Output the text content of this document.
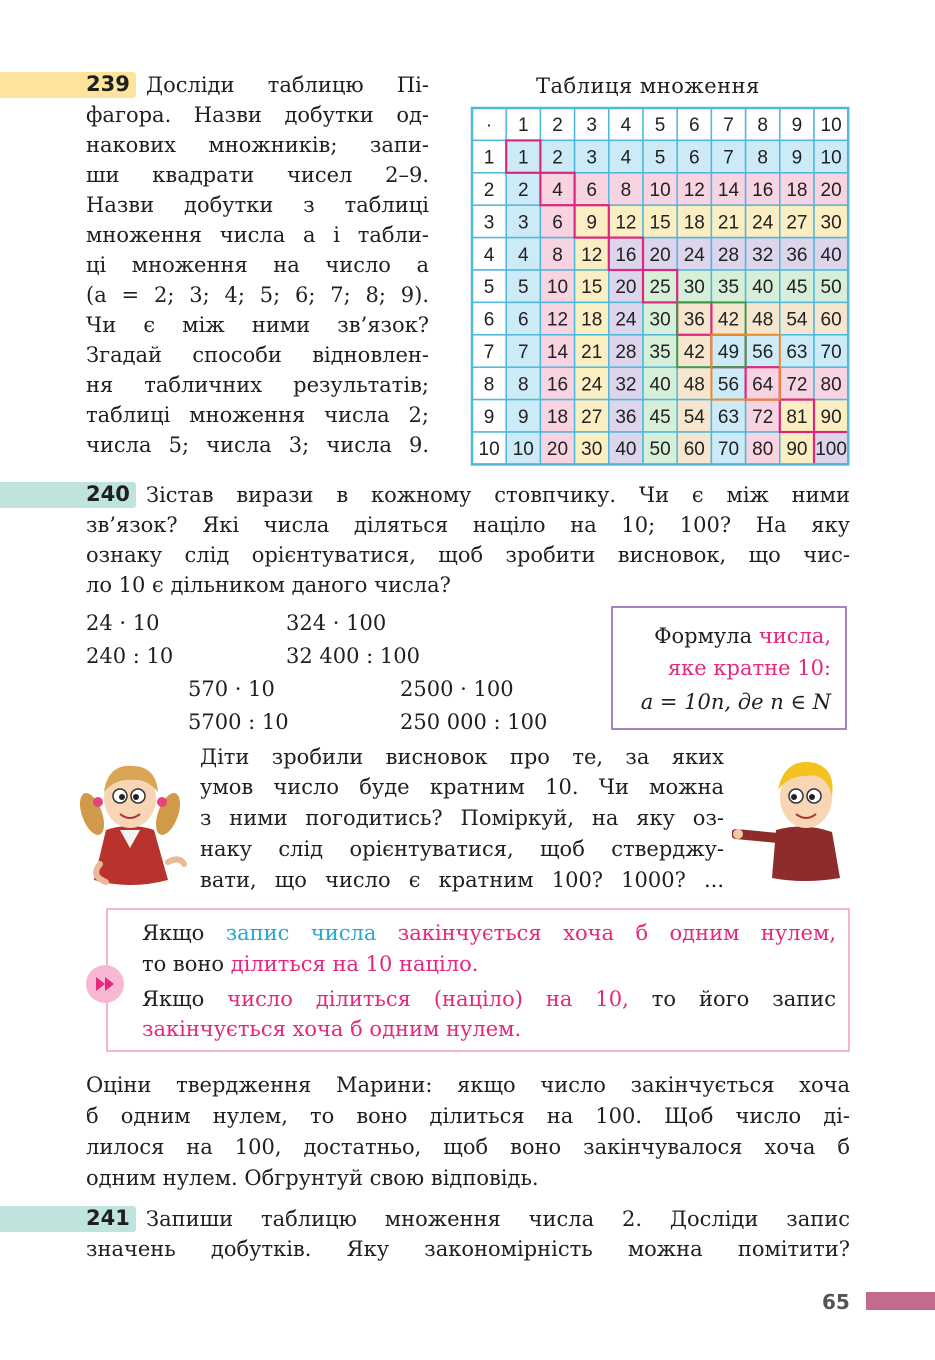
239 Досліди таблицю Пі-
фагора. Назви добутки од-
накових множників; запи-
ши квадрати чисел 2–9.
Назви добутки з таблиці
множення числа a і табли-
ці множення на число a
(a = 2; 3; 4; 5; 6; 7; 8; 9).
Чи є між ними зв’язок?
Згадай способи відновлен-
ня табличних результатів;
таблиці множення числа 2;
числа 5; числа 3; числа 9.
Таблиця множення
· 1 2 3 4 5 6 7 8 9 10
1 1 2 3 4 5 6 7 8 9 10
2 2 4 6 8 10 12 14 16 18 20
3 3 6 9 12 15 18 21 24 27 30
4 4 8 12 16 20 24 28 32 36 40
5 5 10 15 20 25 30 35 40 45 50
6 6 12 18 24 30 36 42 48 54 60
7 7 14 21 28 35 42 49 56 63 70
8 8 16 24 32 40 48 56 64 72 80
9 9 18 27 36 45 54 63 72 81 90
10 10 20 30 40 50 60 70 80 90 100
240 Зістав вирази в кожному стовпчику. Чи є між ними
зв’язок? Які числа діляться націло на 10; 100? На яку
ознаку слід орієнтуватися, щоб зробити висновок, що чис-
ло 10 є дільником даного числа?
24 · 10
240 : 10
324 · 100
32 400 : 100
570 · 10
5700 : 10
2500 · 100
250 000 : 100
Формула числа,
яке кратне 10:
a = 10n, де n ∈ N
Діти зробили висновок про те, за яких
умов число буде кратним 10. Чи можна
з ними погодитись? Поміркуй, на яку оз-
наку слід орієнтуватися, щоб стверджу-
вати, що число є кратним 100? 1000? ...
Якщо запис числа закінчується хоча б одним нулем,
то воно ділиться на 10 націло.
Якщо число ділиться (націло) на 10, то його запис
закінчується хоча б одним нулем.
Оціни твердження Марини: якщо число закінчується хоча
б одним нулем, то воно ділиться на 100. Щоб число ді-
лилося на 100, достатньо, щоб воно закінчувалося хоча б
одним нулем. Обгрунтуй свою відповідь.
241 Запиши таблицю множення числа 2. Досліди запис
значень добутків. Яку закономірність можна помітити?
65
